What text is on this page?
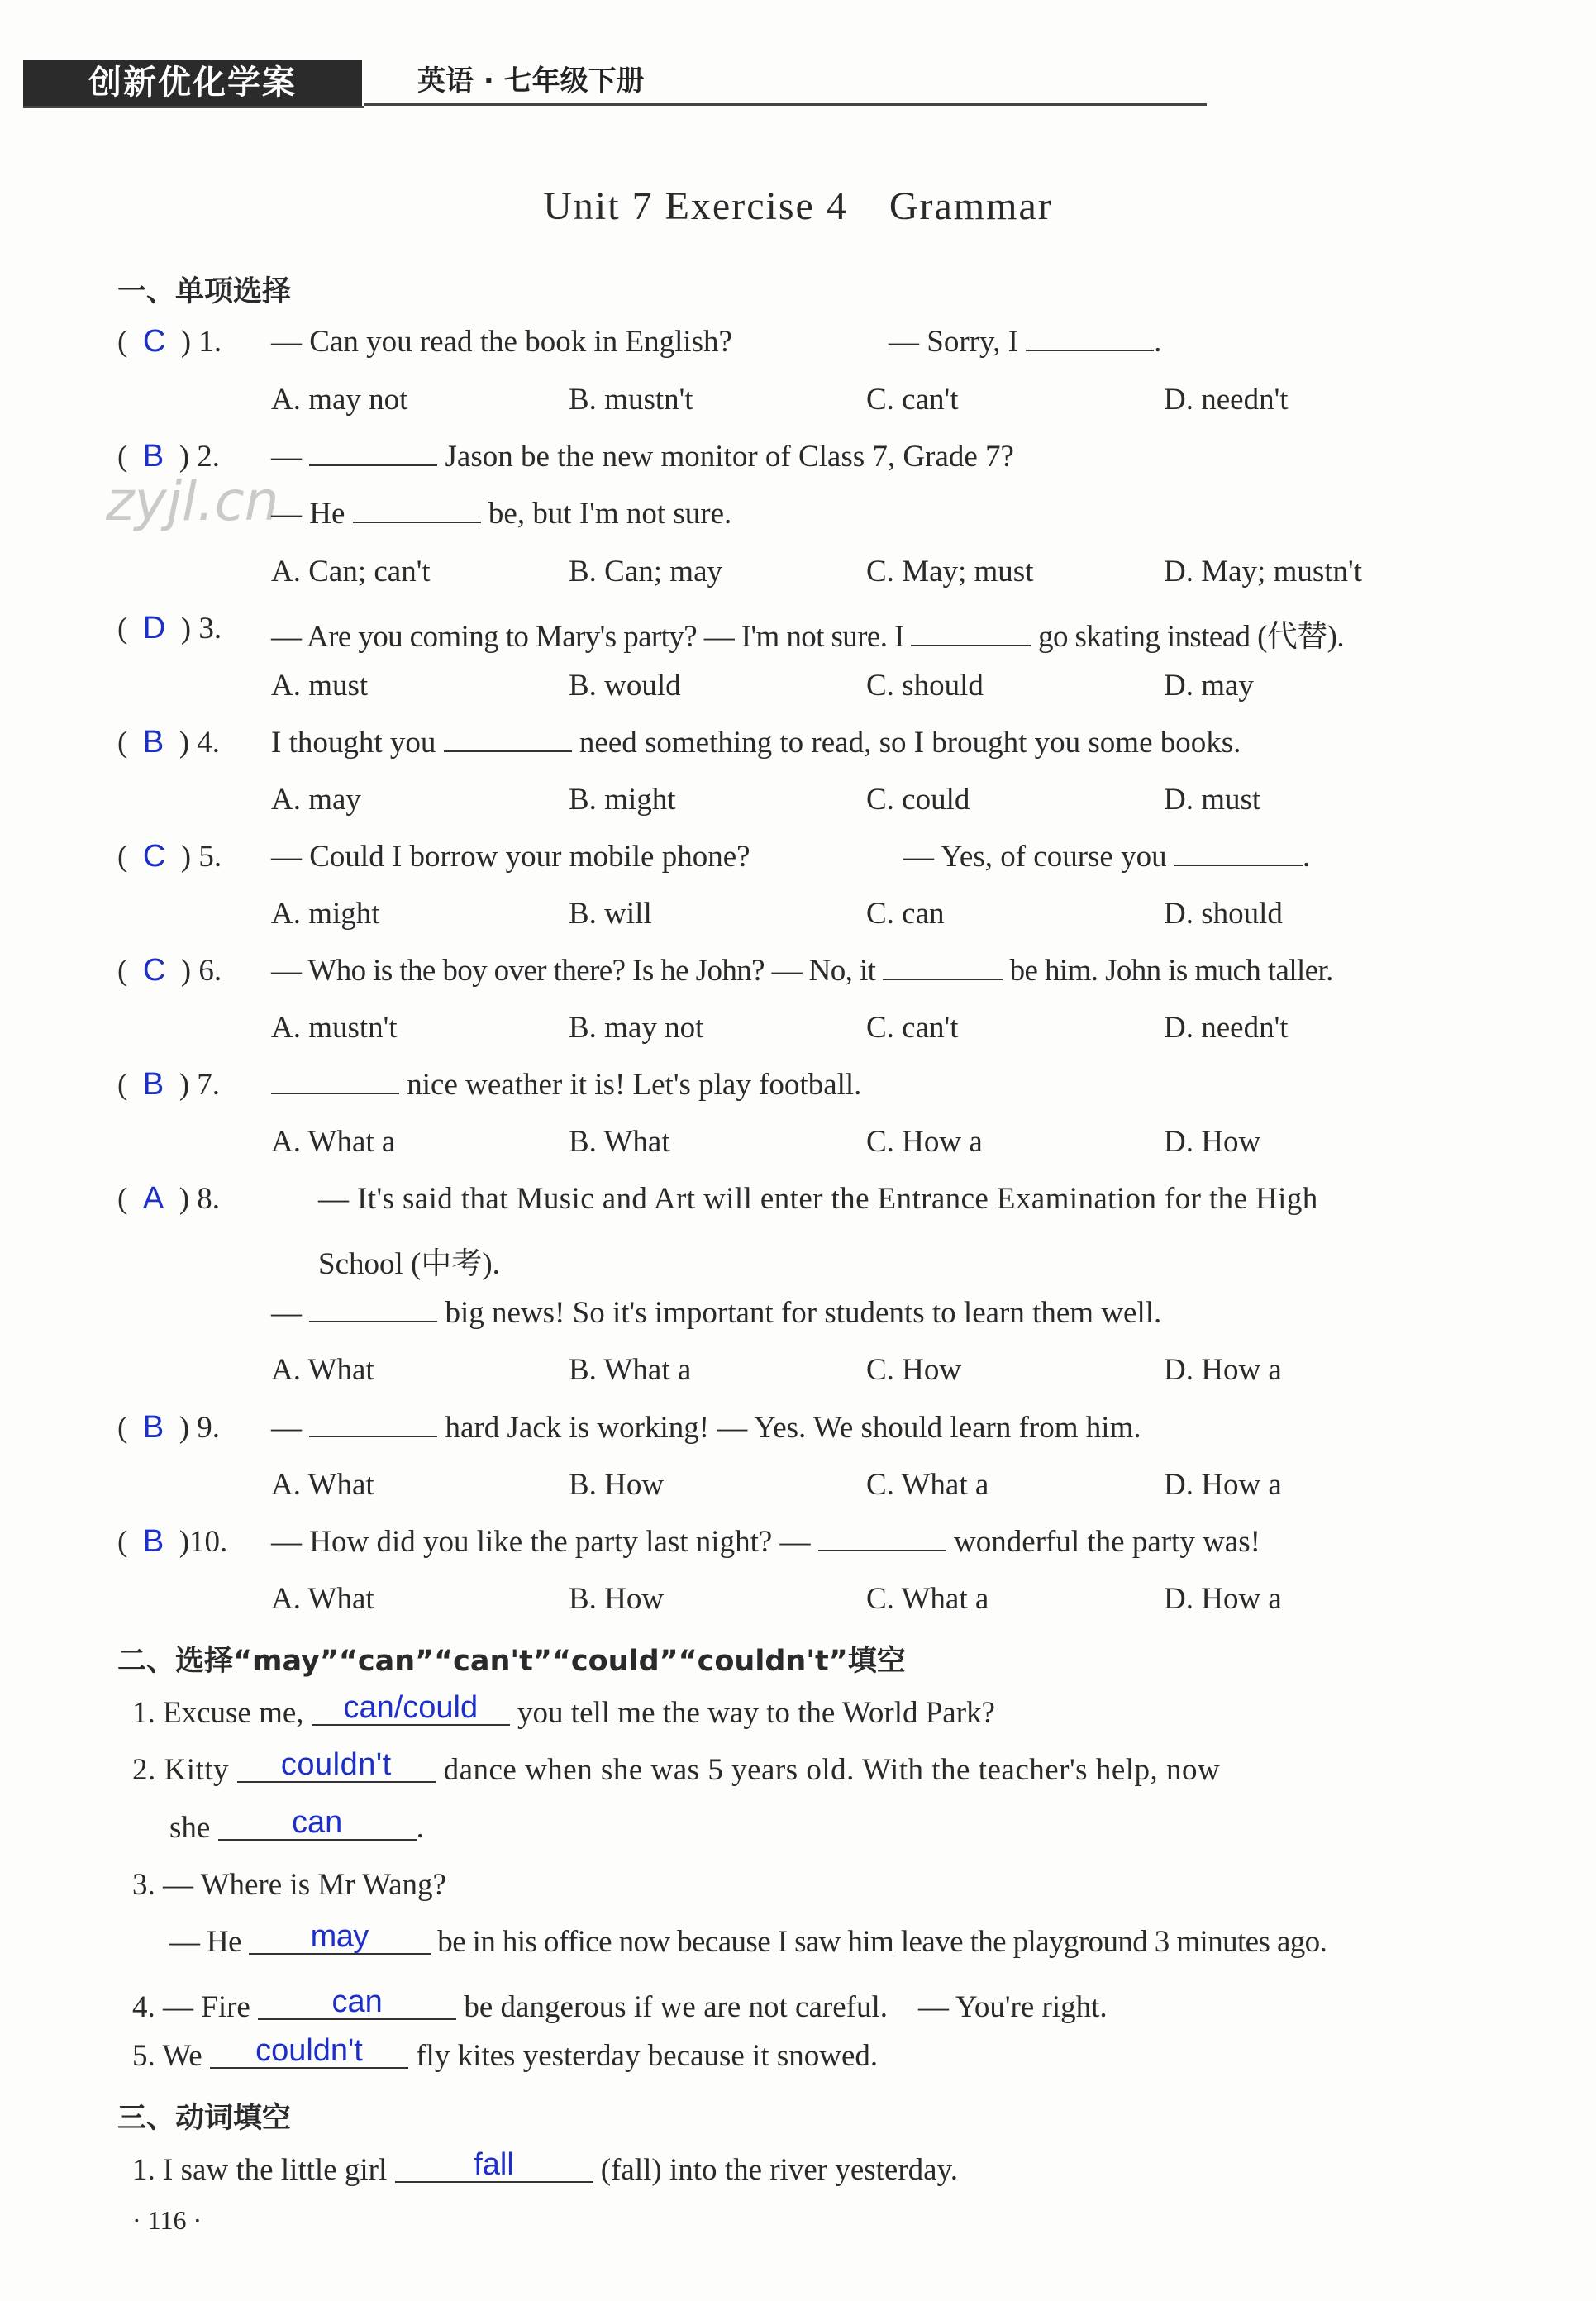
创新优化学案	英语 · 七年级下册
Unit 7 Exercise 4　Grammar
zyjl.cn
一、单项选择
(  C  ) 1. — Can you read the book in English?	— Sorry, I	.
A. may not	B. mustn't	C. can't	D. needn't
(  B  ) 2. —	Jason be the new monitor of Class 7, Grade 7?
— He	be, but I'm not sure.
A. Can; can't	B. Can; may	C. May; must	D. May; mustn't
(  D  ) 3. — Are you coming to Mary's party? — I'm not sure. I	go skating instead (代替).
A. must	B. would	C. should	D. may
(  B  ) 4. I thought you	need something to read, so I brought you some books.
A. may	B. might	C. could	D. must
(  C  ) 5. — Could I borrow your mobile phone?	— Yes, of course you	.
A. might	B. will	C. can	D. should
(  C  ) 6. — Who is the boy over there? Is he John? — No, it	be him. John is much taller.
A. mustn't	B. may not	C. can't	D. needn't
(  B  ) 7.	nice weather it is! Let's play football.
A. What a	B. What	C. How a	D. How
(  A  ) 8.	— It's said that Music and Art will enter the Entrance Examination for the High
School (中考).
—	big news! So it's important for students to learn them well.
A. What	B. What a	C. How	D. How a
(  B  ) 9. —	hard Jack is working! — Yes. We should learn from him.
A. What	B. How	C. What a	D. How a
(  B  )10. — How did you like the party last night? —	wonderful the party was!
A. What	B. How	C. What a	D. How a
二、选择“may”“can”“can't”“could”“couldn't”填空
1. Excuse me, can/could you tell me the way to the World Park?
2. Kitty couldn't dance when she was 5 years old. With the teacher's help, now
she can .
3. — Where is Mr Wang?
— He may be in his office now because I saw him leave the playground 3 minutes ago.
4. — Fire can be dangerous if we are not careful.　— You're right.
5. We couldn't fly kites yesterday because it snowed.
三、动词填空
1. I saw the little girl	fall	(fall) into the river yesterday.
· 116 ·
